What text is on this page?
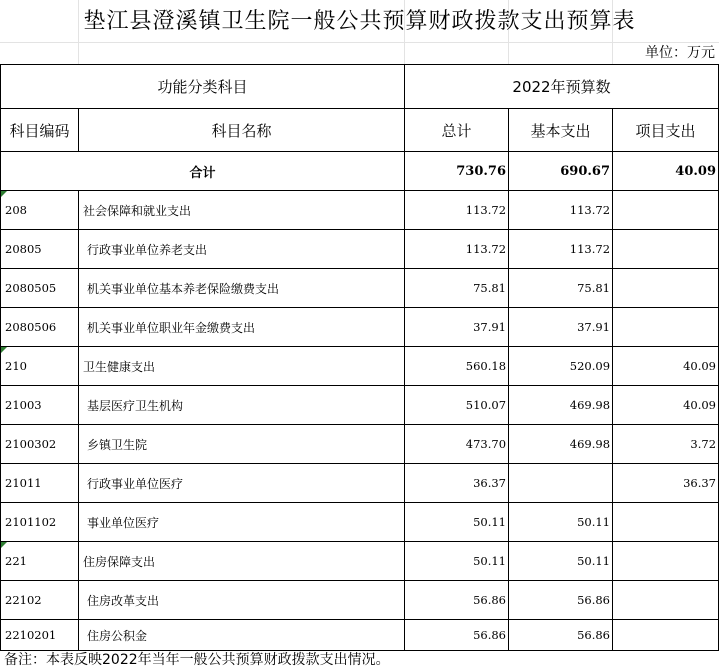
垫江县澄溪镇卫生院一般公共预算财政拨款支出预算表
单位：万元
功能分类科目		2022年预算数		
科目编码	科目名称	总计	基本支出	项目支出
合计		730.76	690.67	40.09
208	社会保障和就业支出	113.72	113.72	
20805	行政事业单位养老支出	113.72	113.72	
2080505	机关事业单位基本养老保险缴费支出	75.81	75.81	
2080506	机关事业单位职业年金缴费支出	37.91	37.91	
210	卫生健康支出	560.18	520.09	40.09
21003	基层医疗卫生机构	510.07	469.98	40.09
2100302	乡镇卫生院	473.70	469.98	3.72
21011	行政事业单位医疗	36.37		36.37
2101102	事业单位医疗	50.11	50.11	
221	住房保障支出	50.11	50.11	
22102	住房改革支出	56.86	56.86	
2210201	住房公积金	56.86	56.86	
备注：本表反映2022年当年一般公共预算财政拨款支出情况。
